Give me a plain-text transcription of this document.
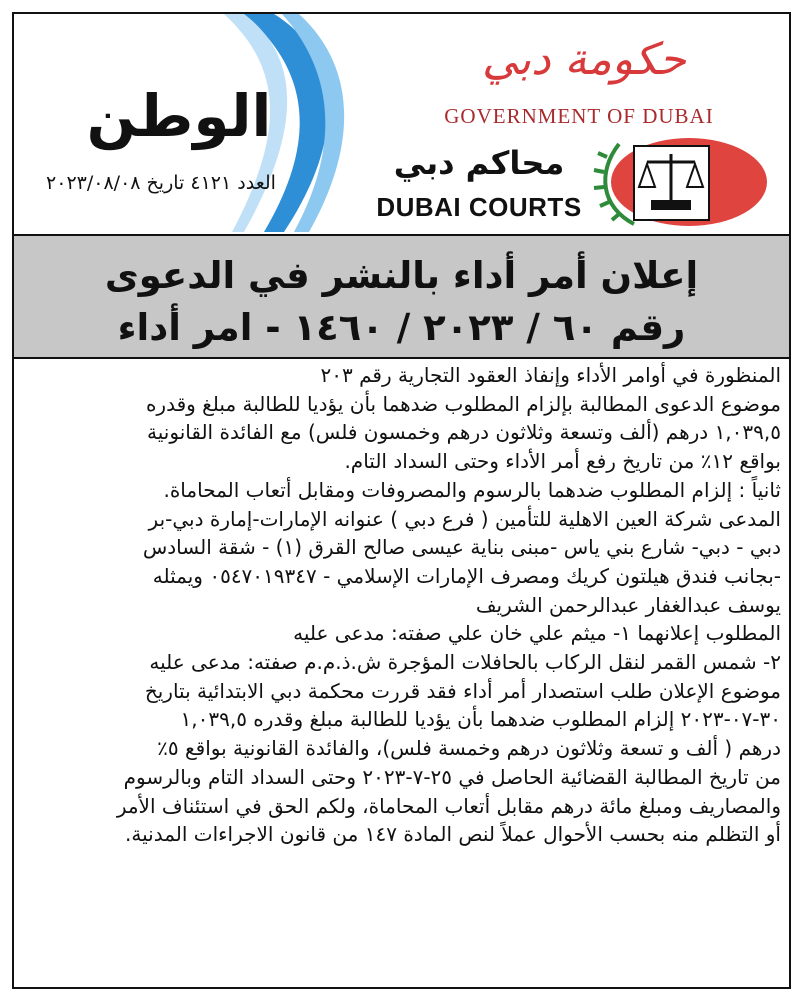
الوطن
العدد ٤١٢١ تاريخ ٢٠٢٣/٠٨/٠٨
حكومة دبي
GOVERNMENT OF DUBAI
محاكم دبي
DUBAI COURTS
إعلان أمر أداء بالنشر في الدعوى
رقم ٦٠ / ٢٠٢٣ / ١٤٦٠ - امر أداء

المنظورة في أوامر الأداء وإنفاذ العقود التجارية رقم ٢٠٣

موضوع الدعوى المطالبة بإلزام المطلوب ضدهما بأن يؤديا للطالبة مبلغ وقدره

١,٠٣٩,٥ درهم (ألف وتسعة وثلاثون درهم وخمسون فلس) مع الفائدة القانونية

بواقع ١٢٪ من تاريخ رفع أمر الأداء وحتى السداد التام.

ثانياً : إلزام المطلوب ضدهما بالرسوم والمصروفات ومقابل أتعاب المحاماة.

المدعى شركة العين الاهلية للتأمين ( فرع دبي ) عنوانه الإمارات-إمارة دبي-بر

دبي - دبي- شارع بني ياس -مبنى بناية عيسى صالح القرق (١) - شقة السادس

-بجانب فندق هيلتون كريك ومصرف الإمارات الإسلامي - ٠٥٤٧٠١٩٣٤٧ ويمثله

يوسف عبدالغفار عبدالرحمن الشريف

المطلوب إعلانهما ١- ميثم علي خان علي صفته: مدعى عليه

٢- شمس القمر لنقل الركاب بالحافلات المؤجرة ش.ذ.م.م صفته: مدعى عليه

موضوع الإعلان طلب استصدار أمر أداء فقد قررت محكمة دبي الابتدائية بتاريخ

٣٠-٠٧-٢٠٢٣ إلزام المطلوب ضدهما بأن يؤديا للطالبة مبلغ وقدره ١,٠٣٩,٥

درهم ( ألف و تسعة وثلاثون درهم وخمسة فلس)، والفائدة القانونية بواقع ٥٪

من تاريخ المطالبة القضائية الحاصل في ٢٥-٧-٢٠٢٣ وحتى السداد التام وبالرسوم

والمصاريف ومبلغ مائة درهم مقابل أتعاب المحاماة، ولكم الحق في استئناف الأمر

أو التظلم منه بحسب الأحوال عملاً لنص المادة ١٤٧ من قانون الاجراءات المدنية.
